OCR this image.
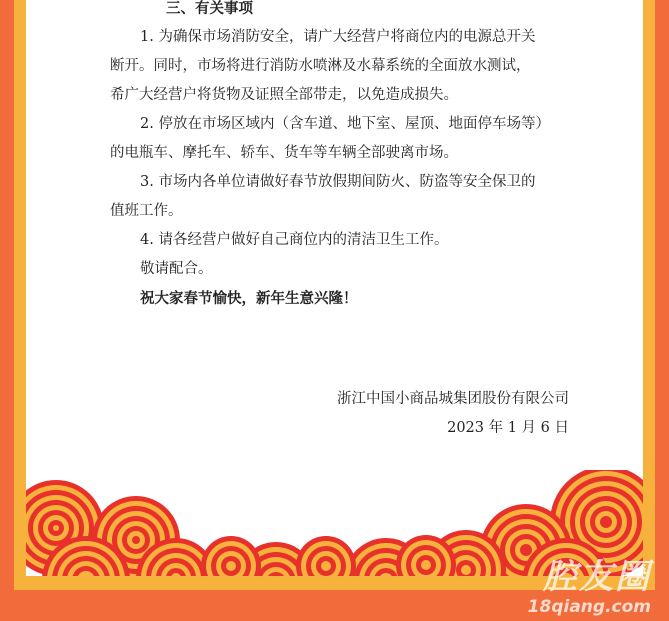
三、有关事项
1. 为确保市场消防安全，请广大经营户将商位内的电源总开关
断开。同时，市场将进行消防水喷淋及水幕系统的全面放水测试，
希广大经营户将货物及证照全部带走，以免造成损失。
2. 停放在市场区域内（含车道、地下室、屋顶、地面停车场等）
的电瓶车、摩托车、轿车、货车等车辆全部驶离市场。
3. 市场内各单位请做好春节放假期间防火、防盗等安全保卫的
值班工作。
4. 请各经营户做好自己商位内的清洁卫生工作。
敬请配合。
祝大家春节愉快，新年生意兴隆！
浙江中国小商品城集团股份有限公司
2023 年 1 月 6 日
腔友圈
18qiang.com
